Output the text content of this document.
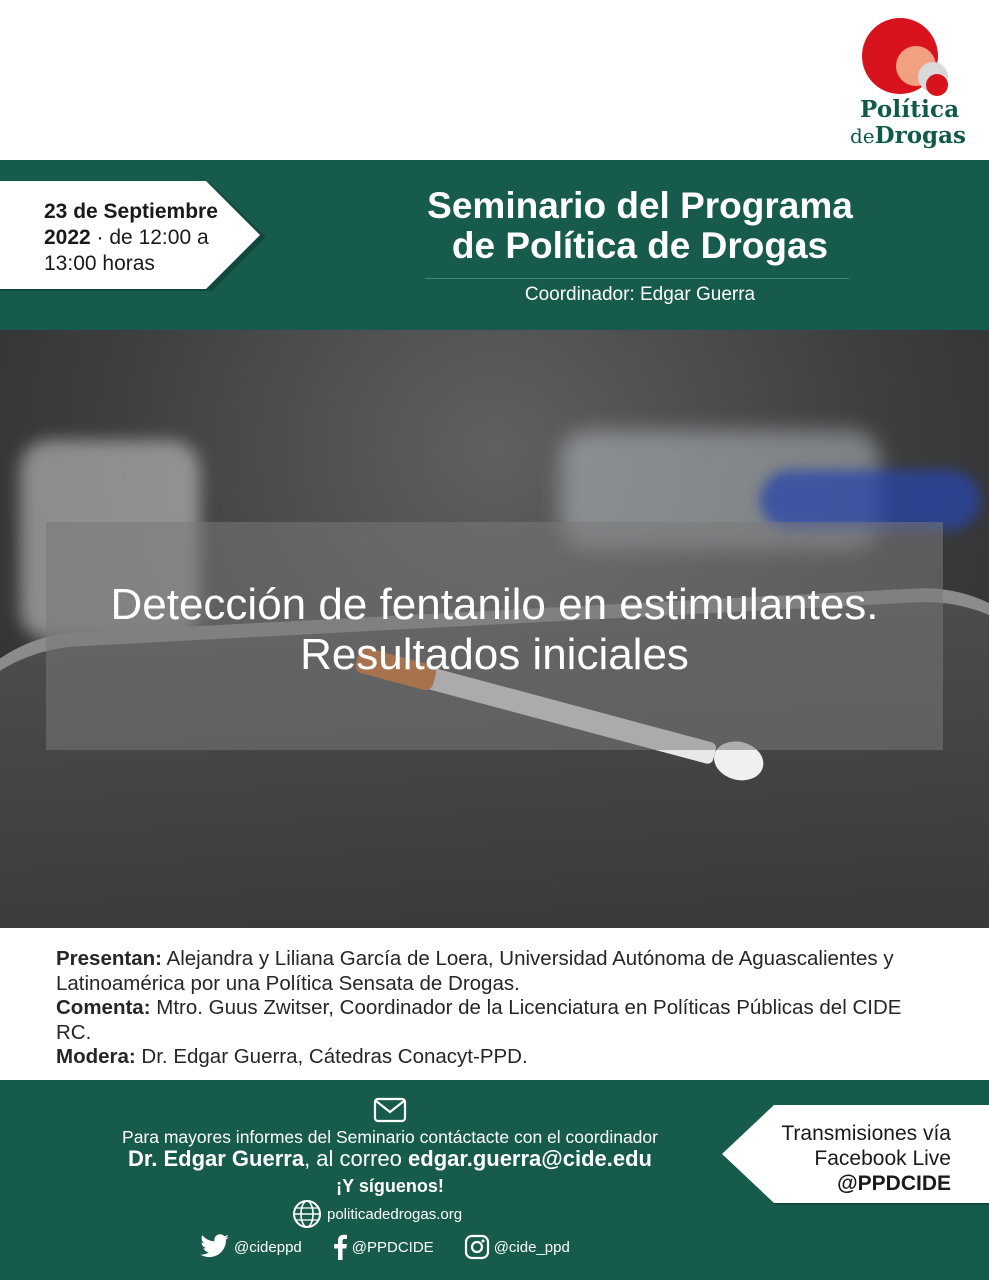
Política
deDrogas
23 de Septiembre
2022 · de 12:00 a 13:00 horas
Seminario del Programa
de Política de Drogas
Coordinador: Edgar Guerra
Detección de fentanilo en estimulantes.
Resultados iniciales
Presentan: Alejandra y Liliana García de Loera, Universidad Autónoma de Aguascalientes y Latinoamérica por una Política Sensata de Drogas.
Comenta: Mtro. Guus Zwitser, Coordinador de la Licenciatura en Políticas Públicas del CIDE RC.
Modera: Dr. Edgar Guerra, Cátedras Conacyt-PPD.
Para mayores informes del Seminario contáctacte con el coordinador
Dr. Edgar Guerra, al correo edgar.guerra@cide.edu
¡Y síguenos!
politicadedrogas.org
@cideppd	@PPDCIDE	@cide_ppd
Transmisiones vía
Facebook Live
@PPDCIDE
